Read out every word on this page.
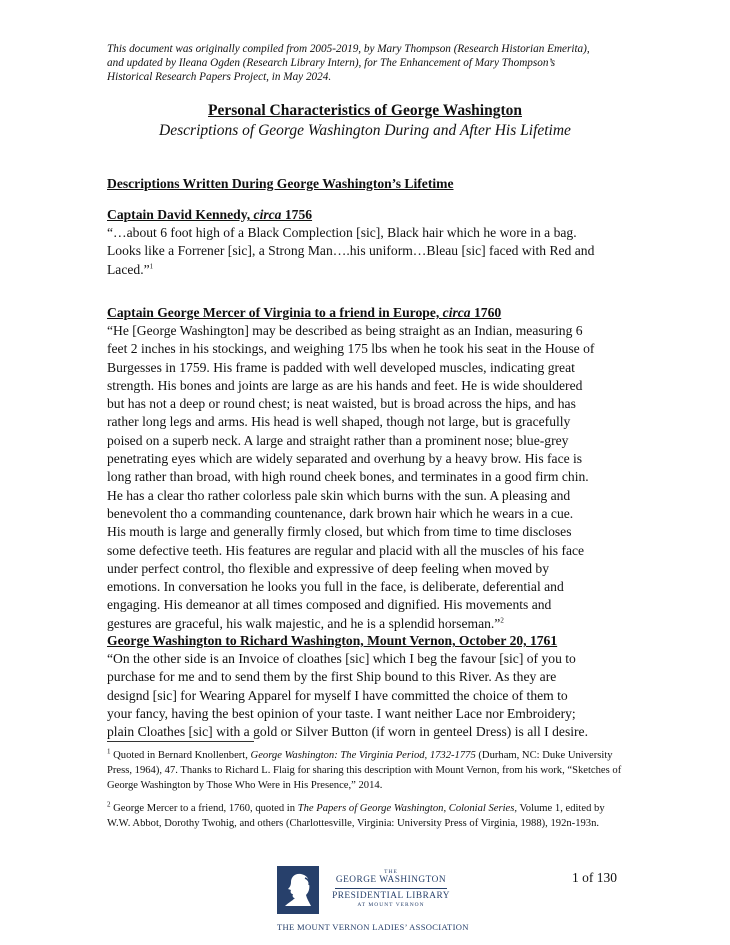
This document was originally compiled from 2005-2019, by Mary Thompson (Research Historian Emerita),
and updated by Ileana Ogden (Research Library Intern), for The Enhancement of Mary Thompson’s
Historical Research Papers Project, in May 2024.
Personal Characteristics of George Washington
Descriptions of George Washington During and After His Lifetime
Descriptions Written During George Washington’s Lifetime
Captain David Kennedy, circa 1756
“…about 6 foot high of a Black Complection [sic], Black hair which he wore in a bag.
Looks like a Forrener [sic], a Strong Man….his uniform…Bleau [sic] faced with Red and
Laced.”$^1$
Captain George Mercer of Virginia to a friend in Europe, circa 1760
“He [George Washington] may be described as being straight as an Indian, measuring 6
feet 2 inches in his stockings, and weighing 175 lbs when he took his seat in the House of
Burgesses in 1759. His frame is padded with well developed muscles, indicating great
strength. His bones and joints are large as are his hands and feet. He is wide shouldered
but has not a deep or round chest; is neat waisted, but is broad across the hips, and has
rather long legs and arms. His head is well shaped, though not large, but is gracefully
poised on a superb neck. A large and straight rather than a prominent nose; blue-grey
penetrating eyes which are widely separated and overhung by a heavy brow. His face is
long rather than broad, with high round cheek bones, and terminates in a good firm chin.
He has a clear tho rather colorless pale skin which burns with the sun. A pleasing and
benevolent tho a commanding countenance, dark brown hair which he wears in a cue.
His mouth is large and generally firmly closed, but which from time to time discloses
some defective teeth. His features are regular and placid with all the muscles of his face
under perfect control, tho flexible and expressive of deep feeling when moved by
emotions. In conversation he looks you full in the face, is deliberate, deferential and
engaging. His demeanor at all times composed and dignified. His movements and
gestures are graceful, his walk majestic, and he is a splendid horseman.”$^2$
George Washington to Richard Washington, Mount Vernon, October 20, 1761
“On the other side is an Invoice of cloathes [sic] which I beg the favour [sic] of you to
purchase for me and to send them by the first Ship bound to this River. As they are
designd [sic] for Wearing Apparel for myself I have committed the choice of them to
your fancy, having the best opinion of your taste. I want neither Lace nor Embroidery;
plain Cloathes [sic] with a gold or Silver Button (if worn in genteel Dress) is all I desire.
$^1$ Quoted in Bernard Knollenbert, George Washington: The Virginia Period, 1732-1775 (Durham, NC: Duke University Press, 1964), 47. Thanks to Richard L. Flaig for sharing this description with Mount Vernon, from his work, “Sketches of George Washington by Those Who Were in His Presence,” 2014.
$^2$ George Mercer to a friend, 1760, quoted in The Papers of George Washington, Colonial Series, Volume 1, edited by W.W. Abbot, Dorothy Twohig, and others (Charlottesville, Virginia: University Press of Virginia, 1988), 192n-193n.
1 of 130
THE
GEORGE WASHINGTON
PRESIDENTIAL LIBRARY
AT MOUNT VERNON
THE MOUNT VERNON LADIES’ ASSOCIATION
